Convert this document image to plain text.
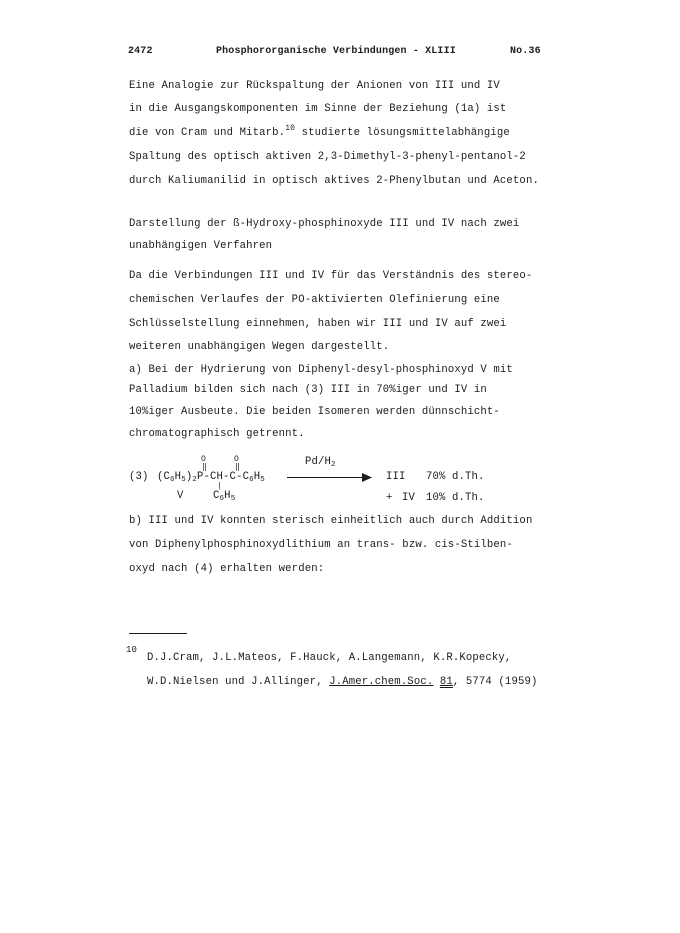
2472	Phosphororganische Verbindungen - XLIII	No.36
Eine Analogie zur Rückspaltung der Anionen von III und IV
in die Ausgangskomponenten im Sinne der Beziehung (1a) ist
die von Cram und Mitarb.$^{10}$ studierte lösungsmittelabhängige
Spaltung des optisch aktiven 2,3-Dimethyl-3-phenyl-pentanol-2
durch Kaliumanilid in optisch aktives 2-Phenylbutan und Aceton.
Darstellung der ß-Hydroxy-phosphinoxyde III und IV nach zwei
unabhängigen Verfahren
Da die Verbindungen III und IV für das Verständnis des stereo-
chemischen Verlaufes der PO-aktivierten Olefinierung eine
Schlüsselstellung einnehmen, haben wir III und IV auf zwei
weiteren unabhängigen Wegen dargestellt.
a) Bei der Hydrierung von Diphenyl-desyl-phosphinoxyd V mit
Palladium bilden sich nach (3) III in 70%iger und IV in
10%iger Ausbeute. Die beiden Isomeren werden dünnschicht-
chromatographisch getrennt.
O	O
‖	‖
(3) $(C_6H_5)_2P-CH-C-C_6H_5$
|
V	$C_6H_5$
$Pd/H_2$
III 70% d.Th.
+ IV 10% d.Th.
b) III und IV konnten sterisch einheitlich auch durch Addition
von Diphenylphosphinoxydlithium an trans- bzw. cis-Stilben-
oxyd nach (4) erhalten werden:
10
D.J.Cram, J.L.Mateos, F.Hauck, A.Langemann, K.R.Kopecky,
W.D.Nielsen und J.Allinger, J.Amer.chem.Soc. 81, 5774 (1959)
